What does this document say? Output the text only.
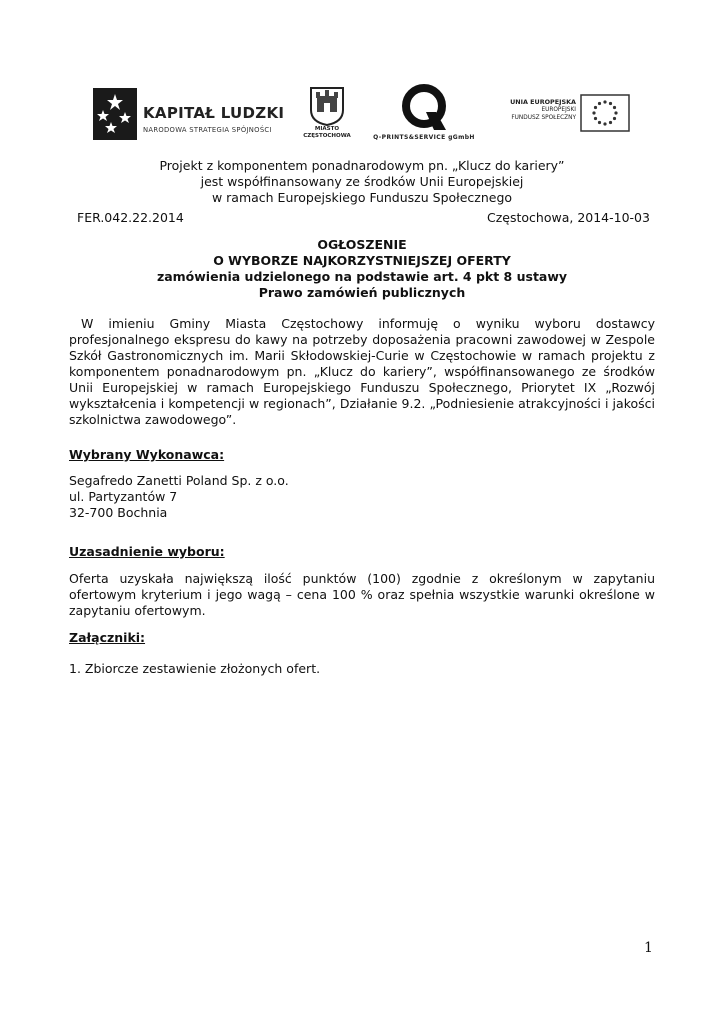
KAPITAŁ LUDZKI
NARODOWA STRATEGIA SPÓJNOŚCI	MIASTO
CZĘSTOCHOWA	Q-PRINTS&SERVICE gGmbH
UNIA EUROPEJSKA
EUROPEJSKI
FUNDUSZ SPOŁECZNY
Projekt z komponentem ponadnarodowym pn. „Klucz do kariery”
jest współfinansowany ze środków Unii Europejskiej
w ramach Europejskiego Funduszu Społecznego
FER.042.22.2014	Częstochowa, 2014-10-03
OGŁOSZENIE
O WYBORZE NAJKORZYSTNIEJSZEJ OFERTY
zamówienia udzielonego na podstawie art. 4 pkt 8 ustawy
Prawo zamówień publicznych
W imieniu Gminy Miasta Częstochowy informuję o wyniku wyboru dostawcy profesjonalnego ekspresu do kawy na potrzeby doposażenia pracowni zawodowej w Zespole Szkół Gastronomicznych im. Marii Skłodowskiej-Curie w Częstochowie w ramach projektu z komponentem ponadnarodowym pn. „Klucz do kariery”, współfinansowanego ze środków Unii Europejskiej w ramach Europejskiego Funduszu Społecznego, Priorytet IX „Rozwój wykształcenia i kompetencji w regionach”, Działanie 9.2. „Podniesienie atrakcyjności i jakości szkolnictwa zawodowego”.
Wybrany Wykonawca:
Segafredo Zanetti Poland Sp. z o.o.
ul. Partyzantów 7
32-700 Bochnia
Uzasadnienie wyboru:
Oferta uzyskała największą ilość punktów (100) zgodnie z określonym w zapytaniu ofertowym kryterium i jego wagą – cena 100 % oraz spełnia wszystkie warunki określone w zapytaniu ofertowym.
Załączniki:
1. Zbiorcze zestawienie złożonych ofert.
1
